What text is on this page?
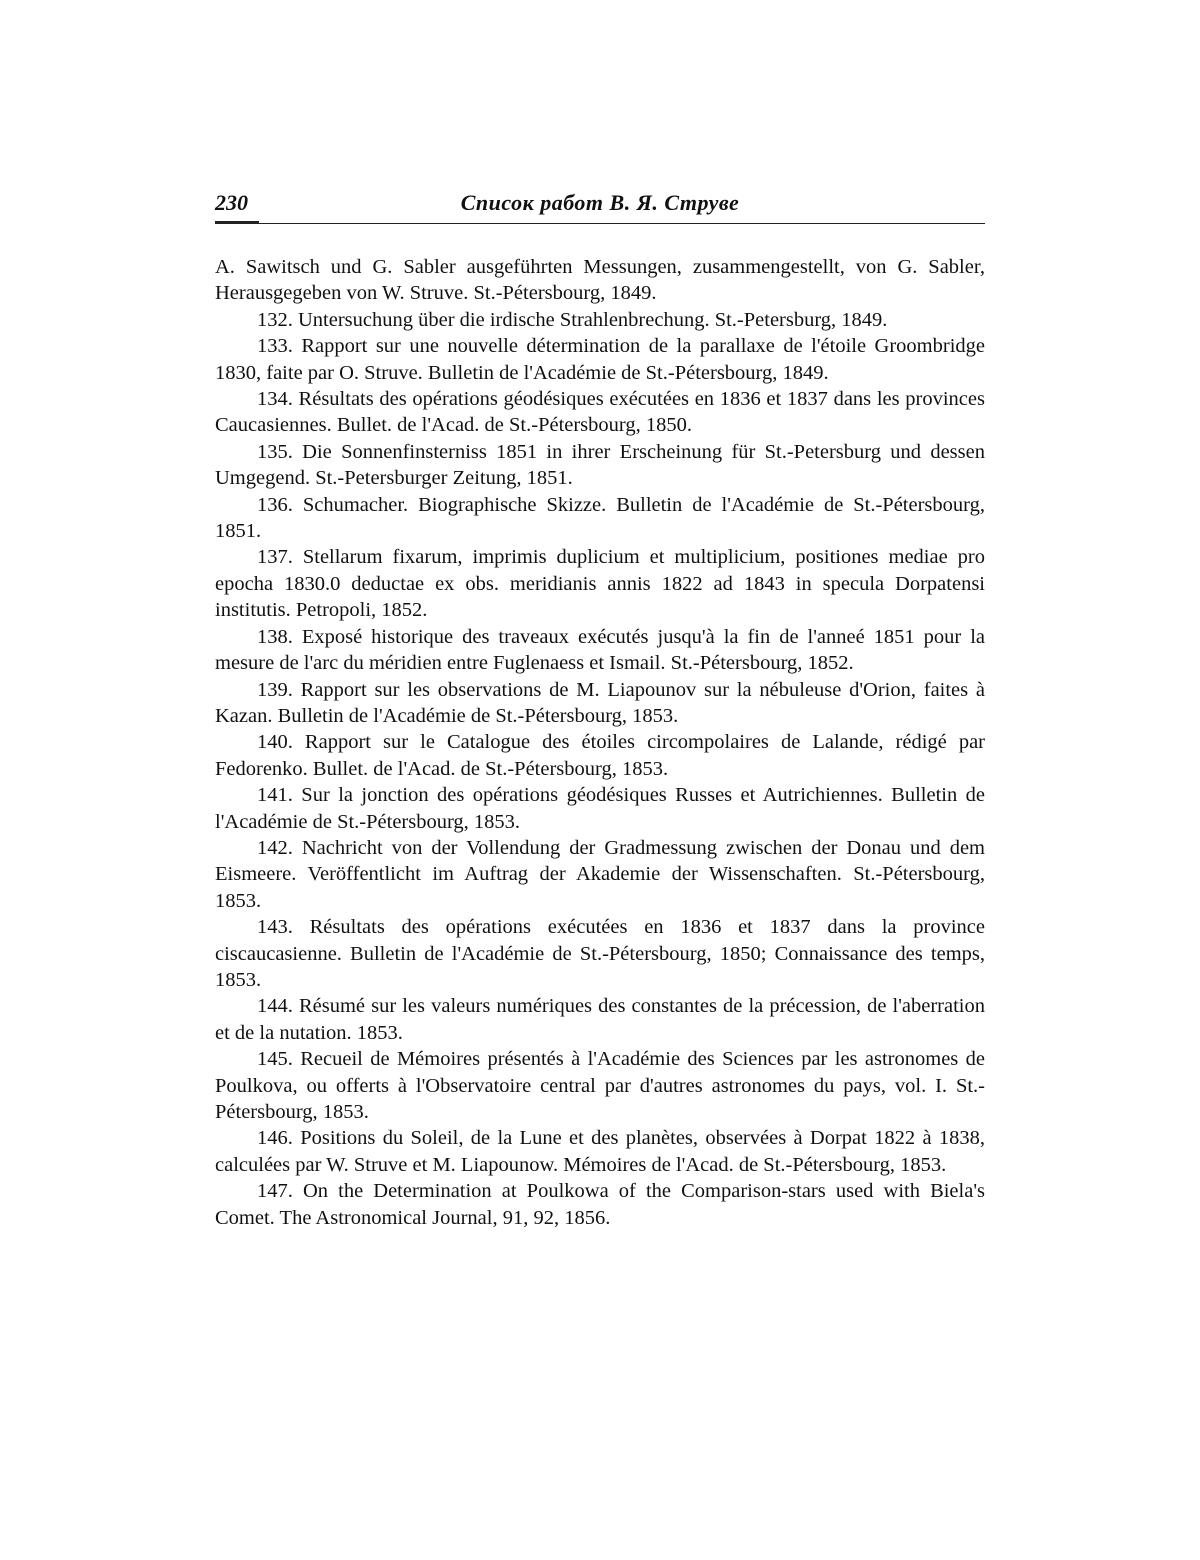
230	Список работ В. Я. Струве

A. Sawitsch und G. Sabler ausgeführten Messungen, zusammengestellt, von G. Sabler, Herausgegeben von W. Struve. St.-Pétersbourg, 1849.

132. Untersuchung über die irdische Strahlenbrechung. St.-Petersburg, 1849.

133. Rapport sur une nouvelle détermination de la parallaxe de l'étoile Groombridge 1830, faite par O. Struve. Bulletin de l'Académie de St.-Pétersbourg, 1849.

134. Résultats des opérations géodésiques exécutées en 1836 et 1837 dans les provinces Caucasiennes. Bullet. de l'Acad. de St.-Pétersbourg, 1850.

135. Die Sonnenfinsterniss 1851 in ihrer Erscheinung für St.-Petersburg und dessen Umgegend. St.-Petersburger Zeitung, 1851.

136. Schumacher. Biographische Skizze. Bulletin de l'Académie de St.-Pétersbourg, 1851.

137. Stellarum fixarum, imprimis duplicium et multiplicium, positiones mediae pro epocha 1830.0 deductae ex obs. meridianis annis 1822 ad 1843 in specula Dorpatensi institutis. Petropoli, 1852.

138. Exposé historique des traveaux exécutés jusqu'à la fin de l'anneé 1851 pour la mesure de l'arc du méridien entre Fuglenaess et Ismail. St.-Pétersbourg, 1852.

139. Rapport sur les observations de M. Liapounov sur la nébuleuse d'Orion, faites à Kazan. Bulletin de l'Académie de St.-Pétersbourg, 1853.

140. Rapport sur le Catalogue des étoiles circompolaires de Lalande, rédigé par Fedorenko. Bullet. de l'Acad. de St.-Pétersbourg, 1853.

141. Sur la jonction des opérations géodésiques Russes et Autrichiennes. Bulletin de l'Académie de St.-Pétersbourg, 1853.

142. Nachricht von der Vollendung der Gradmessung zwischen der Donau und dem Eismeere. Veröffentlicht im Auftrag der Akademie der Wissenschaften. St.-Pétersbourg, 1853.

143. Résultats des opérations exécutées en 1836 et 1837 dans la province ciscaucasienne. Bulletin de l'Académie de St.-Pétersbourg, 1850; Connaissance des temps, 1853.

144. Résumé sur les valeurs numériques des constantes de la précession, de l'aberration et de la nutation. 1853.

145. Recueil de Mémoires présentés à l'Académie des Sciences par les astronomes de Poulkova, ou offerts à l'Observatoire central par d'autres astronomes du pays, vol. I. St.-Pétersbourg, 1853.

146. Positions du Soleil, de la Lune et des planètes, observées à Dorpat 1822 à 1838, calculées par W. Struve et M. Liapounow. Mémoires de l'Acad. de St.-Pétersbourg, 1853.

147. On the Determination at Poulkowa of the Comparison-stars used with Biela's Comet. The Astronomical Journal, 91, 92, 1856.
